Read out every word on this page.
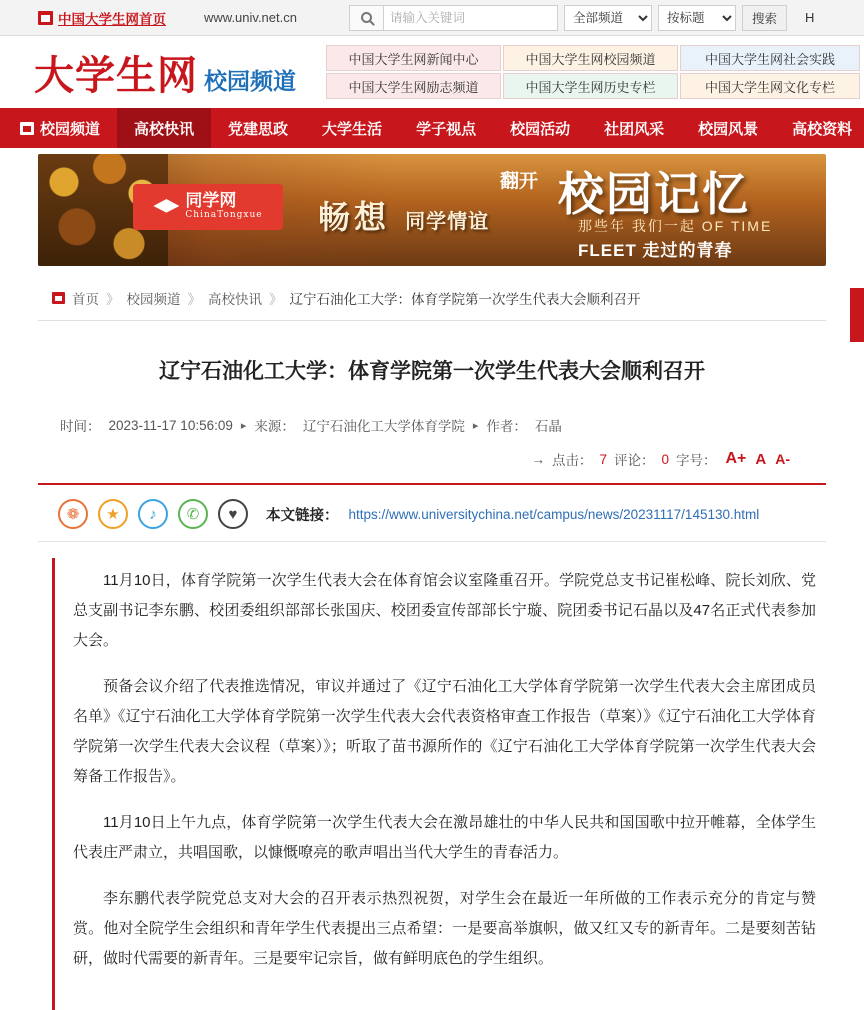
中国大学生网首页	www.univ.net.cn
请输入关键词
全部频道
按标题	搜索	H
大学生网 校园频道
中国大学生网新闻中心	中国大学生网校园频道	中国大学生网社会实践
中国大学生网励志频道	中国大学生网历史专栏	中国大学生网文化专栏
校园频道	高校快讯	党建思政	大学生活	学子视点	校园活动	社团风采	校园风景	高校资料
同学网
ChinaTongxue 畅想 同学情谊
翻开 校园记忆
那些年 我们一起 OF TIME
FLEET 走过的青春
首页 》 校园频道 》 高校快讯 》 辽宁石油化工大学：体育学院第一次学生代表大会顺利召开
辽宁石油化工大学：体育学院第一次学生代表大会顺利召开
时间： 2023-11-17 10:56:09 ▸ 来源： 辽宁石油化工大学体育学院 ▸ 作者： 石晶
→ 点击： 7 评论： 0 字号： A+ A A-
❁	★	♪	✆	♥	本文链接： https://www.universitychina.net/campus/news/20231117/145130.html

11月10日，体育学院第一次学生代表大会在体育馆会议室隆重召开。学院党总支书记崔松峰、院长刘欣、党总支副书记李东鹏、校团委组织部部长张国庆、校团委宣传部部长宁璇、院团委书记石晶以及47名正式代表参加大会。

预备会议介绍了代表推选情况，审议并通过了《辽宁石油化工大学体育学院第一次学生代表大会主席团成员名单》《辽宁石油化工大学体育学院第一次学生代表大会代表资格审查工作报告（草案）》《辽宁石油化工大学体育学院第一次学生代表大会议程（草案）》；听取了苗书源所作的《辽宁石油化工大学体育学院第一次学生代表大会筹备工作报告》。

11月10日上午九点，体育学院第一次学生代表大会在激昂雄壮的中华人民共和国国歌中拉开帷幕，全体学生代表庄严肃立，共唱国歌，以慷慨嘹亮的歌声唱出当代大学生的青春活力。

李东鹏代表学院党总支对大会的召开表示热烈祝贺，对学生会在最近一年所做的工作表示充分的肯定与赞赏。他对全院学生会组织和青年学生代表提出三点希望：一是要高举旗帜，做又红又专的新青年。二是要刻苦钻研，做时代需要的新青年。三是要牢记宗旨，做有鲜明底色的学生组织。
